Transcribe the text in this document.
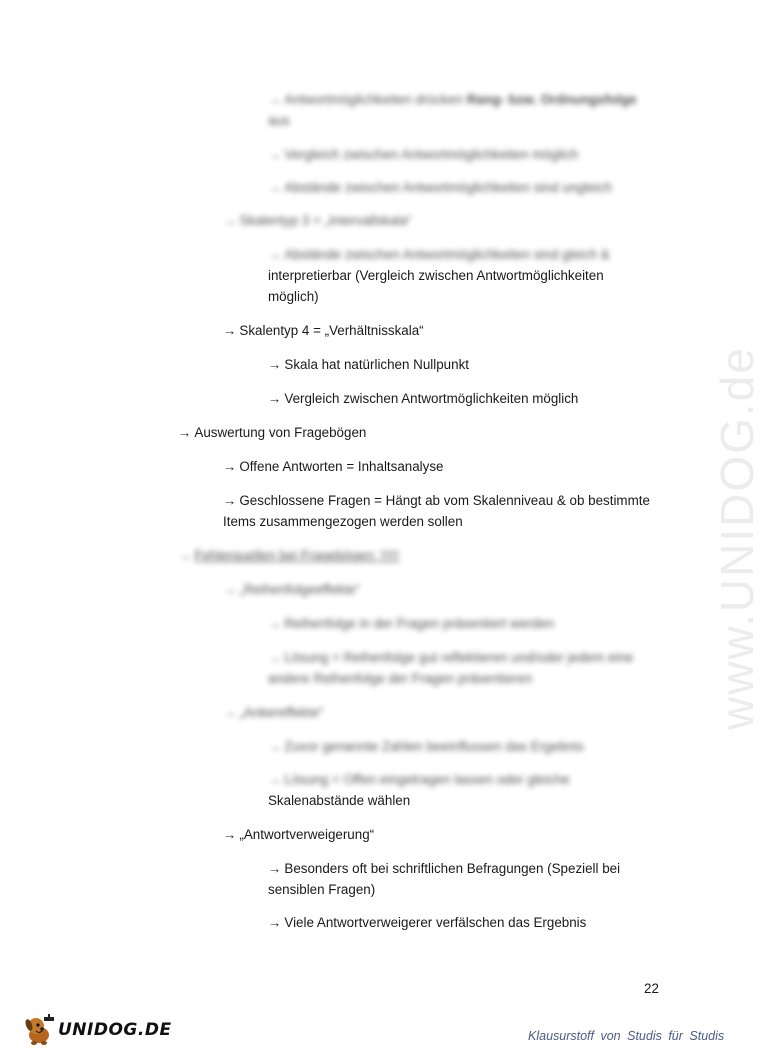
www.UNIDOG.de
→ Antwortmöglichkeiten drücken Rang- bzw. Ordnungsfolge
aus
→ Vergleich zwischen Antwortmöglichkeiten möglich
→ Abstände zwischen Antwortmöglichkeiten sind ungleich
→ Skalentyp 3 = „Intervallskala“
→ Abstände zwischen Antwortmöglichkeiten sind gleich &
interpretierbar (Vergleich zwischen Antwortmöglichkeiten
möglich)
→ Skalentyp 4 = „Verhältnisskala“
→ Skala hat natürlichen Nullpunkt
→ Vergleich zwischen Antwortmöglichkeiten möglich
→ Auswertung von Fragebögen
→ Offene Antworten = Inhaltsanalyse
→ Geschlossene Fragen = Hängt ab vom Skalenniveau & ob bestimmte
Items zusammengezogen werden sollen
→ Fehlerquellen bei Fragebögen: !!!!!
→ „Reihenfolgeeffekte“
→ Reihenfolge in der Fragen präsentiert werden
→ Lösung = Reihenfolge gut reflektieren und/oder jedem eine
andere Reihenfolge der Fragen präsentieren
→ „Ankereffekte“
→ Zuvor genannte Zahlen beeinflussen das Ergebnis
→ Lösung = Offen eingetragen lassen oder gleiche
Skalenabstände wählen
→ „Antwortverweigerung“
→ Besonders oft bei schriftlichen Befragungen (Speziell bei
sensiblen Fragen)
→ Viele Antwortverweigerer verfälschen das Ergebnis
22
UNIDOG.DE	Klausurstoff von Studis für Studis
